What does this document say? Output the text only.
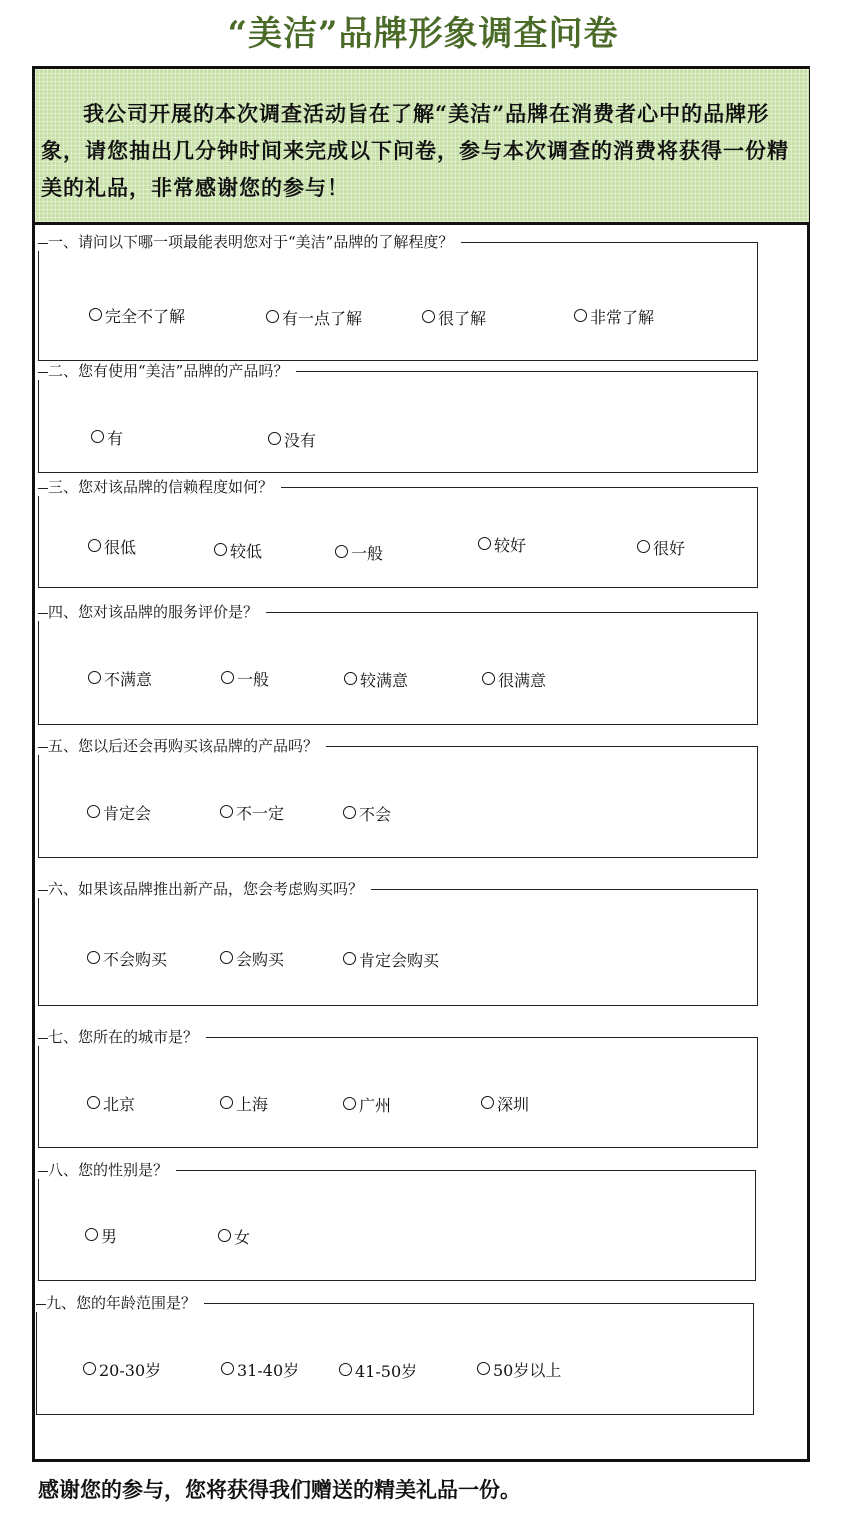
“美洁”品牌形象调查问卷
我公司开展的本次调查活动旨在了解“美洁”品牌在消费者心中的品牌形象，请您抽出几分钟时间来完成以下问卷，参与本次调查的消费将获得一份精美的礼品，非常感谢您的参与！
一、请问以下哪一项最能表明您对于“美洁”品牌的了解程度？
完全不了解	有一点了解	很了解	非常了解
二、您有使用“美洁”品牌的产品吗？
有	没有
三、您对该品牌的信赖程度如何？
很低	较低	一般	较好	很好
四、您对该品牌的服务评价是？
不满意	一般	较满意	很满意
五、您以后还会再购买该品牌的产品吗？
肯定会	不一定	不会
六、如果该品牌推出新产品，您会考虑购买吗？
不会购买	会购买	肯定会购买
七、您所在的城市是？
北京	上海	广州	深圳
八、您的性别是？
男	女
九、您的年龄范围是？
20-30岁	31-40岁	41-50岁	50岁以上
感谢您的参与，您将获得我们赠送的精美礼品一份。
